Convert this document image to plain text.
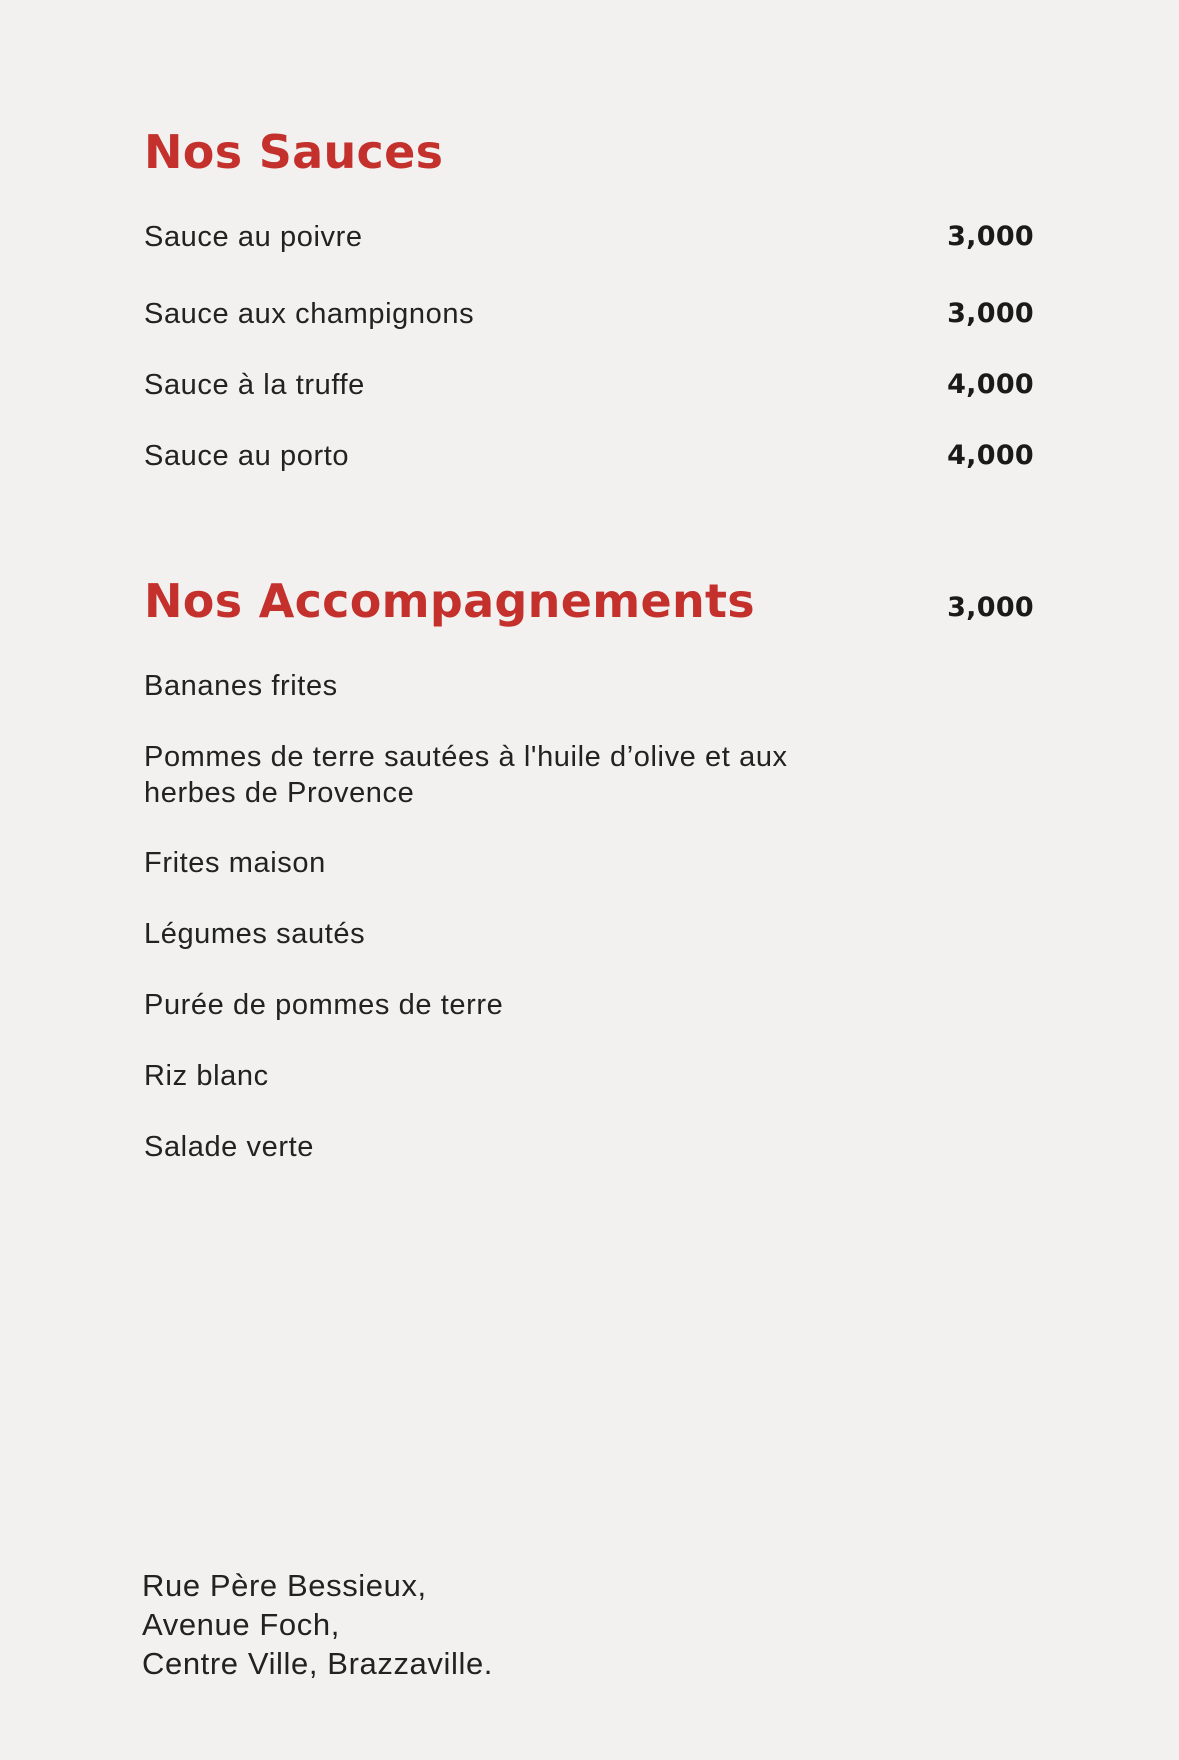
Nos Sauces
Sauce au poivre	3,000
Sauce aux champignons	3,000
Sauce à la truffe	4,000
Sauce au porto	4,000
Nos Accompagnements	3,000
Bananes frites
Pommes de terre sautées à l'huile d’olive et aux herbes de Provence
Frites maison
Légumes sautés
Purée de pommes de terre
Riz blanc
Salade verte
Rue Père Bessieux,
Avenue Foch,
Centre Ville, Brazzaville.
